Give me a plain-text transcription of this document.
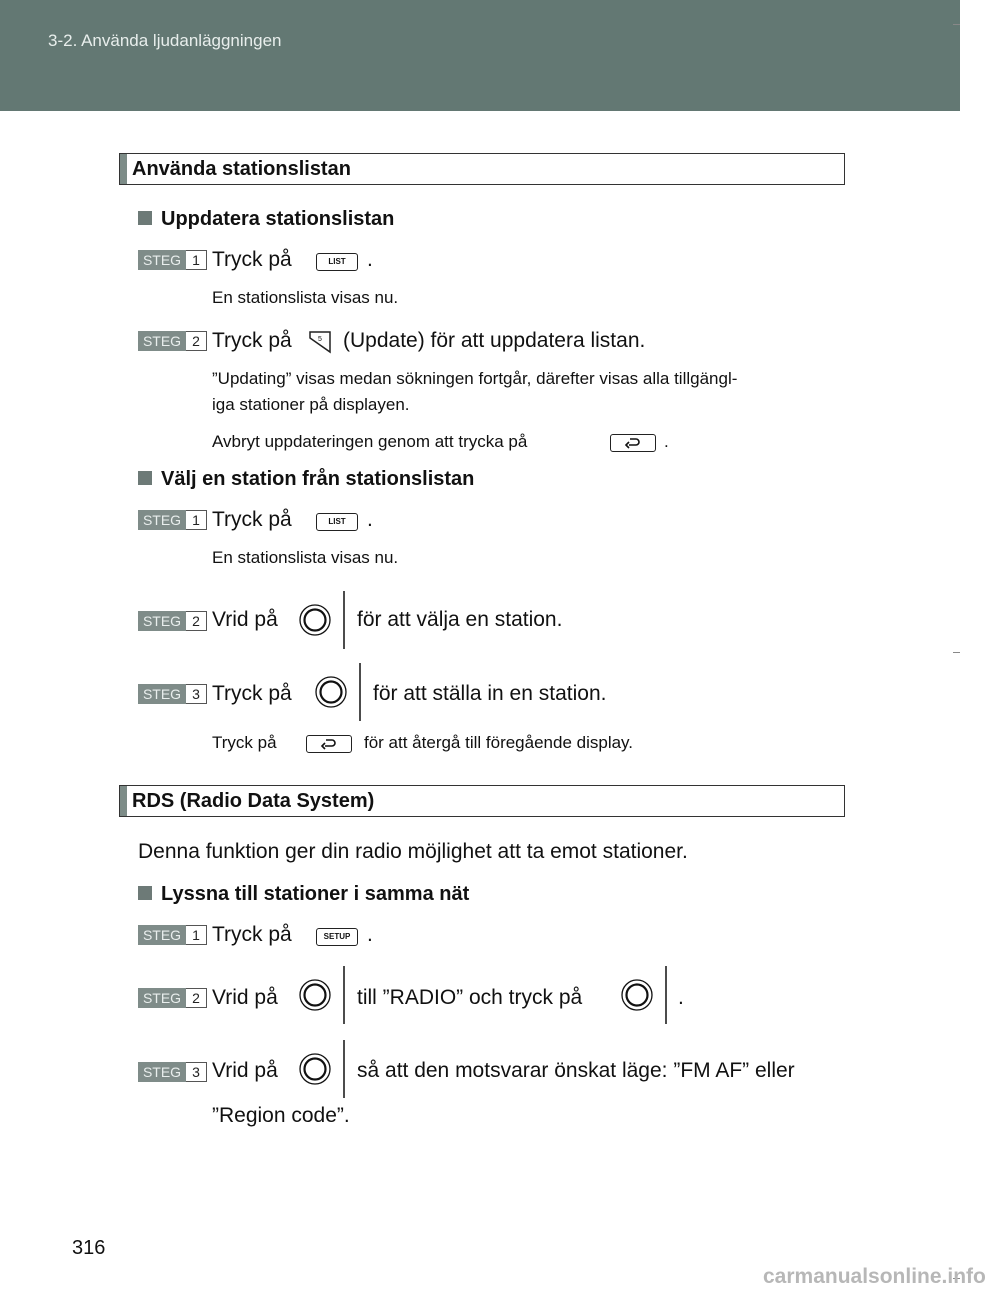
3-2. Använda ljudanläggningen
Använda stationslistan
Uppdatera stationslistan
STEG 1 Tryck på	LIST	.
En stationslista visas nu.
STEG 2 Tryck på	5 (Update) för att uppdatera listan.
”Updating” visas medan sökningen fortgår, därefter visas alla tillgängl-
iga stationer på displayen.
Avbryt uppdateringen genom att trycka på	.
Välj en station från stationslistan
STEG 1 Tryck på	LIST	.
En stationslista visas nu.
STEG 2 Vrid på	för att välja en station.
STEG 3 Tryck på	för att ställa in en station.
Tryck på	för att återgå till föregående display.
RDS (Radio Data System)
Denna funktion ger din radio möjlighet att ta emot stationer.
Lyssna till stationer i samma nät
STEG 1 Tryck på	SETUP .
STEG 2 Vrid på	till ”RADIO” och tryck på	.
STEG 3 Vrid på	så att den motsvarar önskat läge: ”FM AF” eller
”Region code”.
316
carmanualsonline.info
